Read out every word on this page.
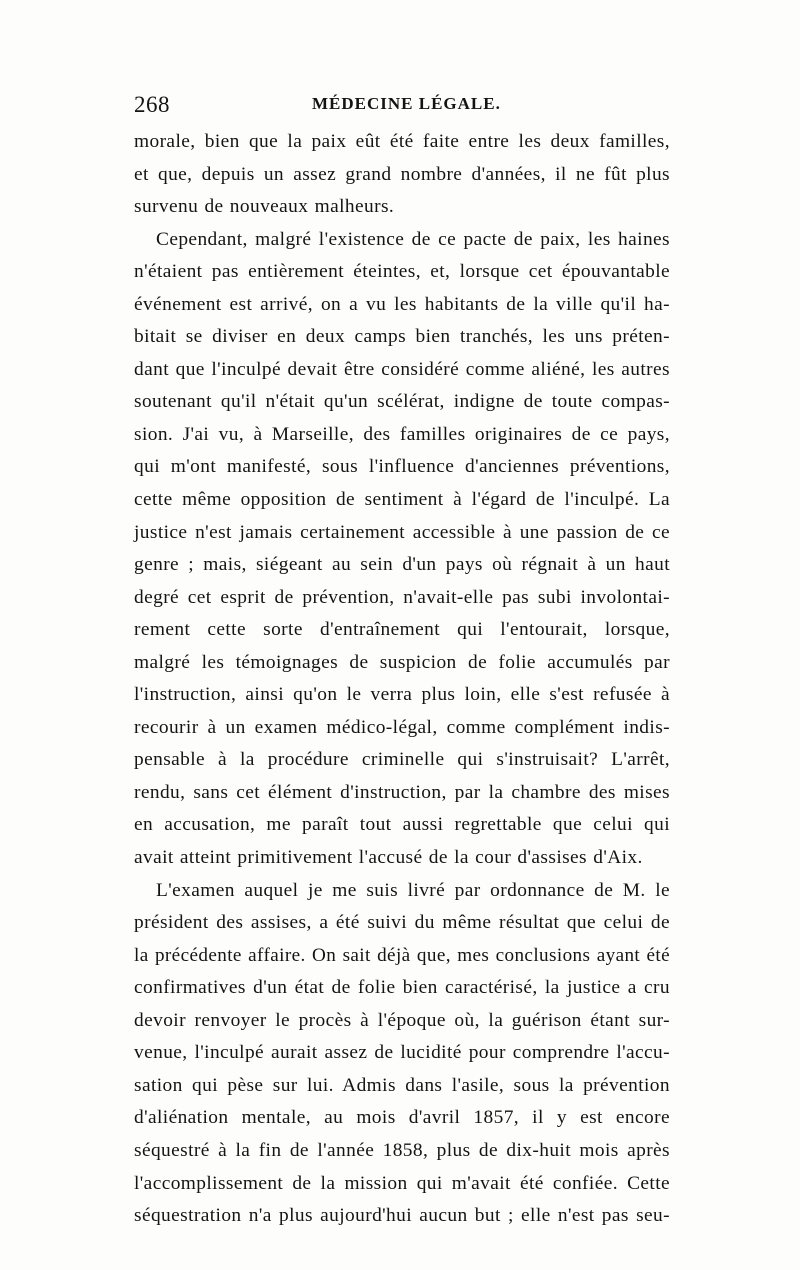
268	MÉDECINE LÉGALE.
morale, bien que la paix eût été faite entre les deux familles,
et que, depuis un assez grand nombre d'années, il ne fût plus
survenu de nouveaux malheurs.
Cependant, malgré l'existence de ce pacte de paix, les haines
n'étaient pas entièrement éteintes, et, lorsque cet épouvantable
événement est arrivé, on a vu les habitants de la ville qu'il ha-
bitait se diviser en deux camps bien tranchés, les uns préten-
dant que l'inculpé devait être considéré comme aliéné, les autres
soutenant qu'il n'était qu'un scélérat, indigne de toute compas-
sion. J'ai vu, à Marseille, des familles originaires de ce pays,
qui m'ont manifesté, sous l'influence d'anciennes préventions,
cette même opposition de sentiment à l'égard de l'inculpé. La
justice n'est jamais certainement accessible à une passion de ce
genre ; mais, siégeant au sein d'un pays où régnait à un haut
degré cet esprit de prévention, n'avait-elle pas subi involontai-
rement cette sorte d'entraînement qui l'entourait, lorsque,
malgré les témoignages de suspicion de folie accumulés par
l'instruction, ainsi qu'on le verra plus loin, elle s'est refusée à
recourir à un examen médico-légal, comme complément indis-
pensable à la procédure criminelle qui s'instruisait? L'arrêt,
rendu, sans cet élément d'instruction, par la chambre des mises
en accusation, me paraît tout aussi regrettable que celui qui
avait atteint primitivement l'accusé de la cour d'assises d'Aix.
L'examen auquel je me suis livré par ordonnance de M. le
président des assises, a été suivi du même résultat que celui de
la précédente affaire. On sait déjà que, mes conclusions ayant été
confirmatives d'un état de folie bien caractérisé, la justice a cru
devoir renvoyer le procès à l'époque où, la guérison étant sur-
venue, l'inculpé aurait assez de lucidité pour comprendre l'accu-
sation qui pèse sur lui. Admis dans l'asile, sous la prévention
d'aliénation mentale, au mois d'avril 1857, il y est encore
séquestré à la fin de l'année 1858, plus de dix-huit mois après
l'accomplissement de la mission qui m'avait été confiée. Cette
séquestration n'a plus aujourd'hui aucun but ; elle n'est pas seu-
